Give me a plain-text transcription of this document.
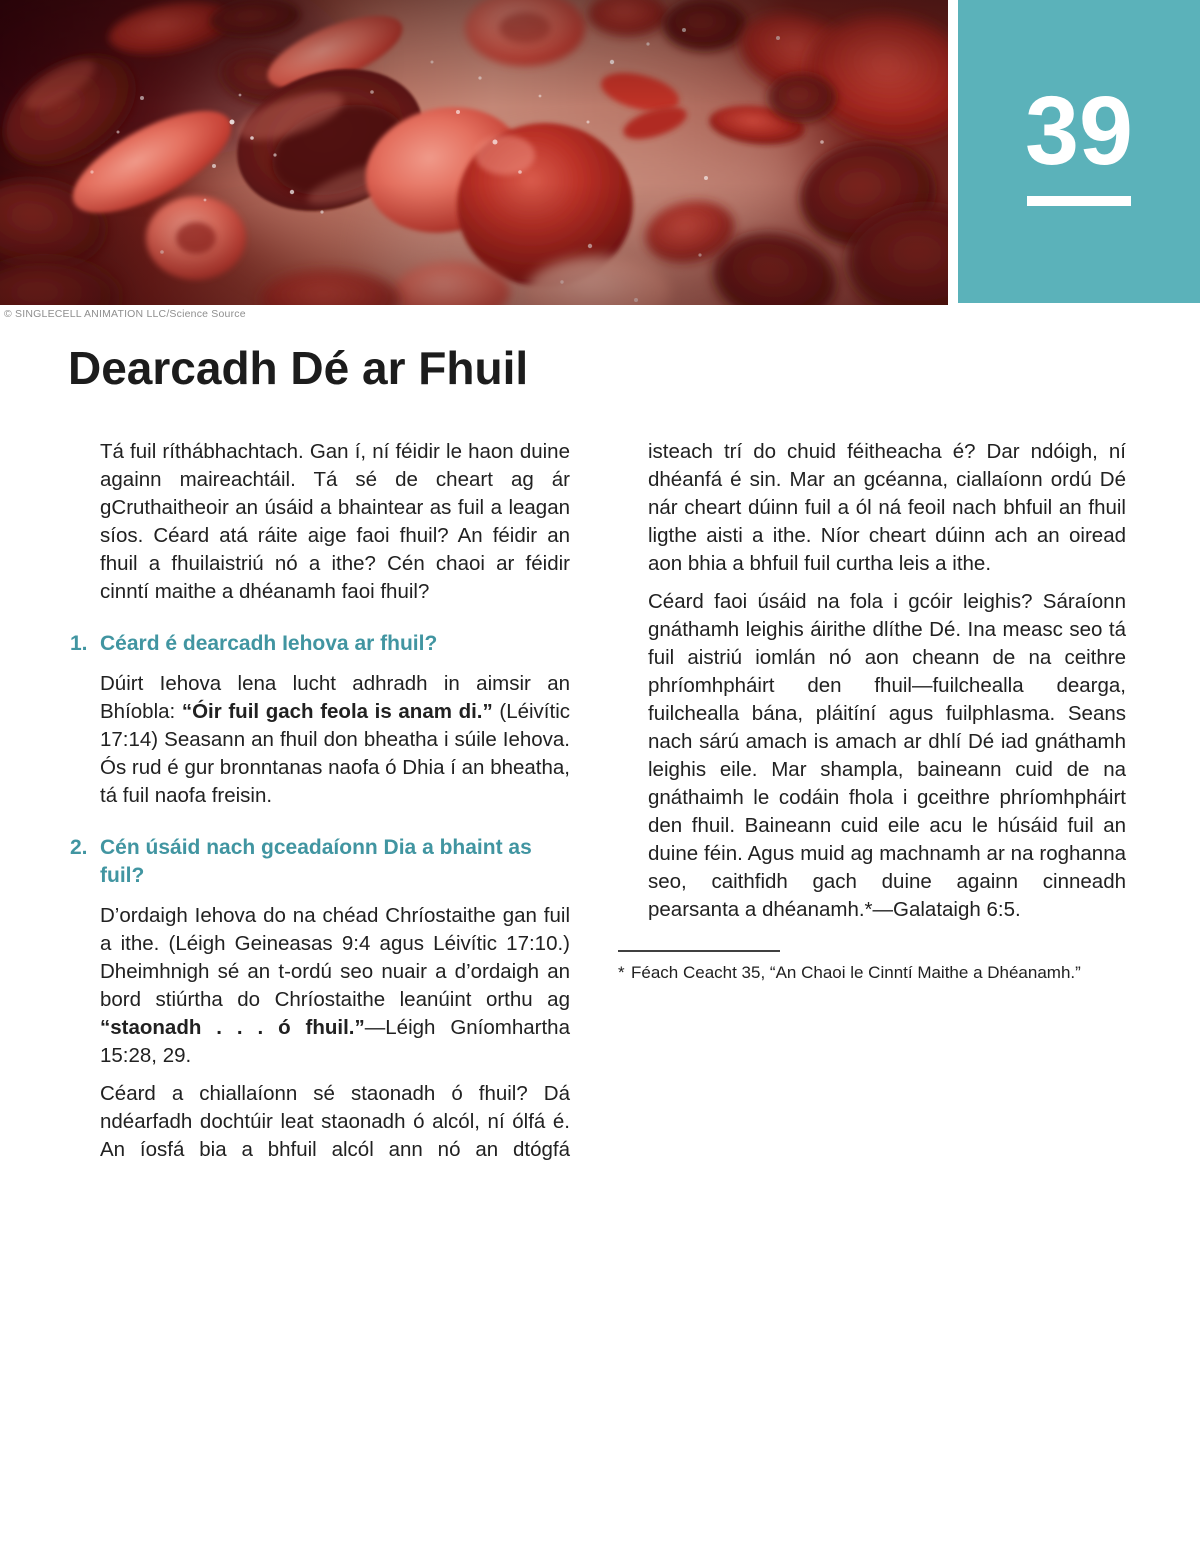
39
© SINGLECELL ANIMATION LLC/Science Source
Dearcadh Dé ar Fhuil

Tá fuil ríthábhachtach. Gan í, ní féidir le haon duine againn maireachtáil. Tá sé de cheart ag ár gCruthaitheoir an úsáid a bhaintear as fuil a leagan síos. Céard atá ráite aige faoi fhuil? An féidir an fhuil a fhuilaistriú nó a ithe? Cén chaoi ar féidir cinntí maithe a dhéanamh faoi fhuil?

1. Céard é dearcadh Iehova ar fhuil?

Dúirt Iehova lena lucht adhradh in aimsir an Bhíobla: “Óir fuil gach feola is anam di.” (Léivític 17:14) Seasann an fhuil don bheatha i súile Iehova. Ós rud é gur bronntanas naofa ó Dhia í an bheatha, tá fuil naofa freisin.

2. Cén úsáid nach gceadaíonn Dia a bhaint as fuil?

D’ordaigh Iehova do na chéad Chríostaithe gan fuil a ithe. (Léigh Geineasas 9:4 agus Léivític 17:10.) Dheimhnigh sé an t-ordú seo nuair a d’ordaigh an bord stiúrtha do Chríostaithe leanúint orthu ag “staonadh . . . ó fhuil.”—Léigh Gníomhartha 15:28, 29.

Céard a chiallaíonn sé staonadh ó fhuil? Dá ndéarfadh dochtúir leat staonadh ó alcól, ní ólfá é. An íosfá bia a bhfuil alcól ann nó an dtógfá

isteach trí do chuid féitheacha é? Dar ndóigh, ní dhéanfá é sin. Mar an gcéanna, ciallaíonn ordú Dé nár cheart dúinn fuil a ól ná feoil nach bhfuil an fhuil ligthe aisti a ithe. Níor cheart dúinn ach an oiread aon bhia a bhfuil fuil curtha leis a ithe.

Céard faoi úsáid na fola i gcóir leighis? Sáraíonn gnáthamh leighis áirithe dlíthe Dé. Ina measc seo tá fuil aistriú iomlán nó aon cheann de na ceithre phríomhpháirt den fhuil—fuilchealla dearga, fuilchealla bána, pláitíní agus fuilphlasma. Seans nach sárú amach is amach ar dhlí Dé iad gnáthamh leighis eile. Mar shampla, baineann cuid de na gnáthaimh le codáin fhola i gceithre phríomhpháirt den fhuil. Baineann cuid eile acu le húsáid fuil an duine féin. Agus muid ag machnamh ar na roghanna seo, caithfidh gach duine againn cinneadh pearsanta a dhéanamh.*—Galataigh 6:5.

* Féach Ceacht 35, “An Chaoi le Cinntí Maithe a Dhéanamh.”
